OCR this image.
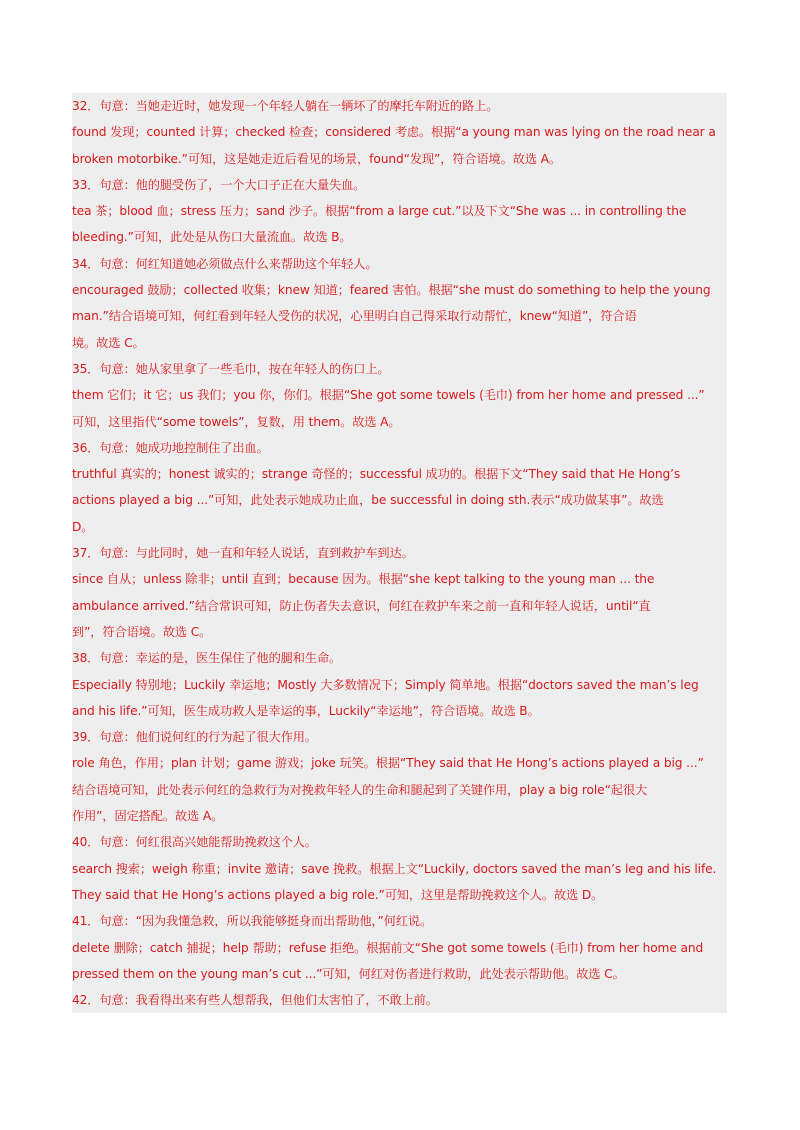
32．句意：当她走近时，她发现一个年轻人躺在一辆坏了的摩托车附近的路上。
found 发现；counted 计算；checked 检查；considered 考虑。根据“a young man was lying on the road near a
broken motorbike.”可知，这是她走近后看见的场景，found“发现”，符合语境。故选 A。
33．句意：他的腿受伤了，一个大口子正在大量失血。
tea 茶；blood 血；stress 压力；sand 沙子。根据“from a large cut.”以及下文“She was ... in controlling the
bleeding.”可知，此处是从伤口大量流血。故选 B。
34．句意：何红知道她必须做点什么来帮助这个年轻人。
encouraged 鼓励；collected 收集；knew 知道；feared 害怕。根据“she must do something to help the young
man.”结合语境可知，何红看到年轻人受伤的状况，心里明白自己得采取行动帮忙，knew“知道”，符合语
境。故选 C。
35．句意：她从家里拿了一些毛巾，按在年轻人的伤口上。
them 它们；it 它；us 我们；you 你，你们。根据“She got some towels (毛巾) from her home and pressed ...”
可知，这里指代“some towels”，复数，用 them。故选 A。
36．句意：她成功地控制住了出血。
truthful 真实的；honest 诚实的；strange 奇怪的；successful 成功的。根据下文“They said that He Hong’s
actions played a big ...”可知，此处表示她成功止血，be successful in doing sth.表示“成功做某事”。故选
D。
37．句意：与此同时，她一直和年轻人说话，直到救护车到达。
since 自从；unless 除非；until 直到；because 因为。根据“she kept talking to the young man ... the
ambulance arrived.”结合常识可知，防止伤者失去意识，何红在救护车来之前一直和年轻人说话，until“直
到”，符合语境。故选 C。
38．句意：幸运的是，医生保住了他的腿和生命。
Especially 特别地；Luckily 幸运地；Mostly 大多数情况下；Simply 简单地。根据“doctors saved the man’s leg
and his life.”可知，医生成功救人是幸运的事，Luckily“幸运地”，符合语境。故选 B。
39．句意：他们说何红的行为起了很大作用。
role 角色，作用；plan 计划；game 游戏；joke 玩笑。根据“They said that He Hong’s actions played a big ...”
结合语境可知，此处表示何红的急救行为对挽救年轻人的生命和腿起到了关键作用，play a big role“起很大
作用”，固定搭配。故选 A。
40．句意：何红很高兴她能帮助挽救这个人。
search 搜索；weigh 称重；invite 邀请；save 挽救。根据上文“Luckily, doctors saved the man’s leg and his life.
They said that He Hong’s actions played a big role.”可知，这里是帮助挽救这个人。故选 D。
41．句意：“因为我懂急救，所以我能够挺身而出帮助他，”何红说。
delete 删除；catch 捕捉；help 帮助；refuse 拒绝。根据前文“She got some towels (毛巾) from her home and
pressed them on the young man’s cut ...”可知，何红对伤者进行救助，此处表示帮助他。故选 C。
42．句意：我看得出来有些人想帮我，但他们太害怕了，不敢上前。
